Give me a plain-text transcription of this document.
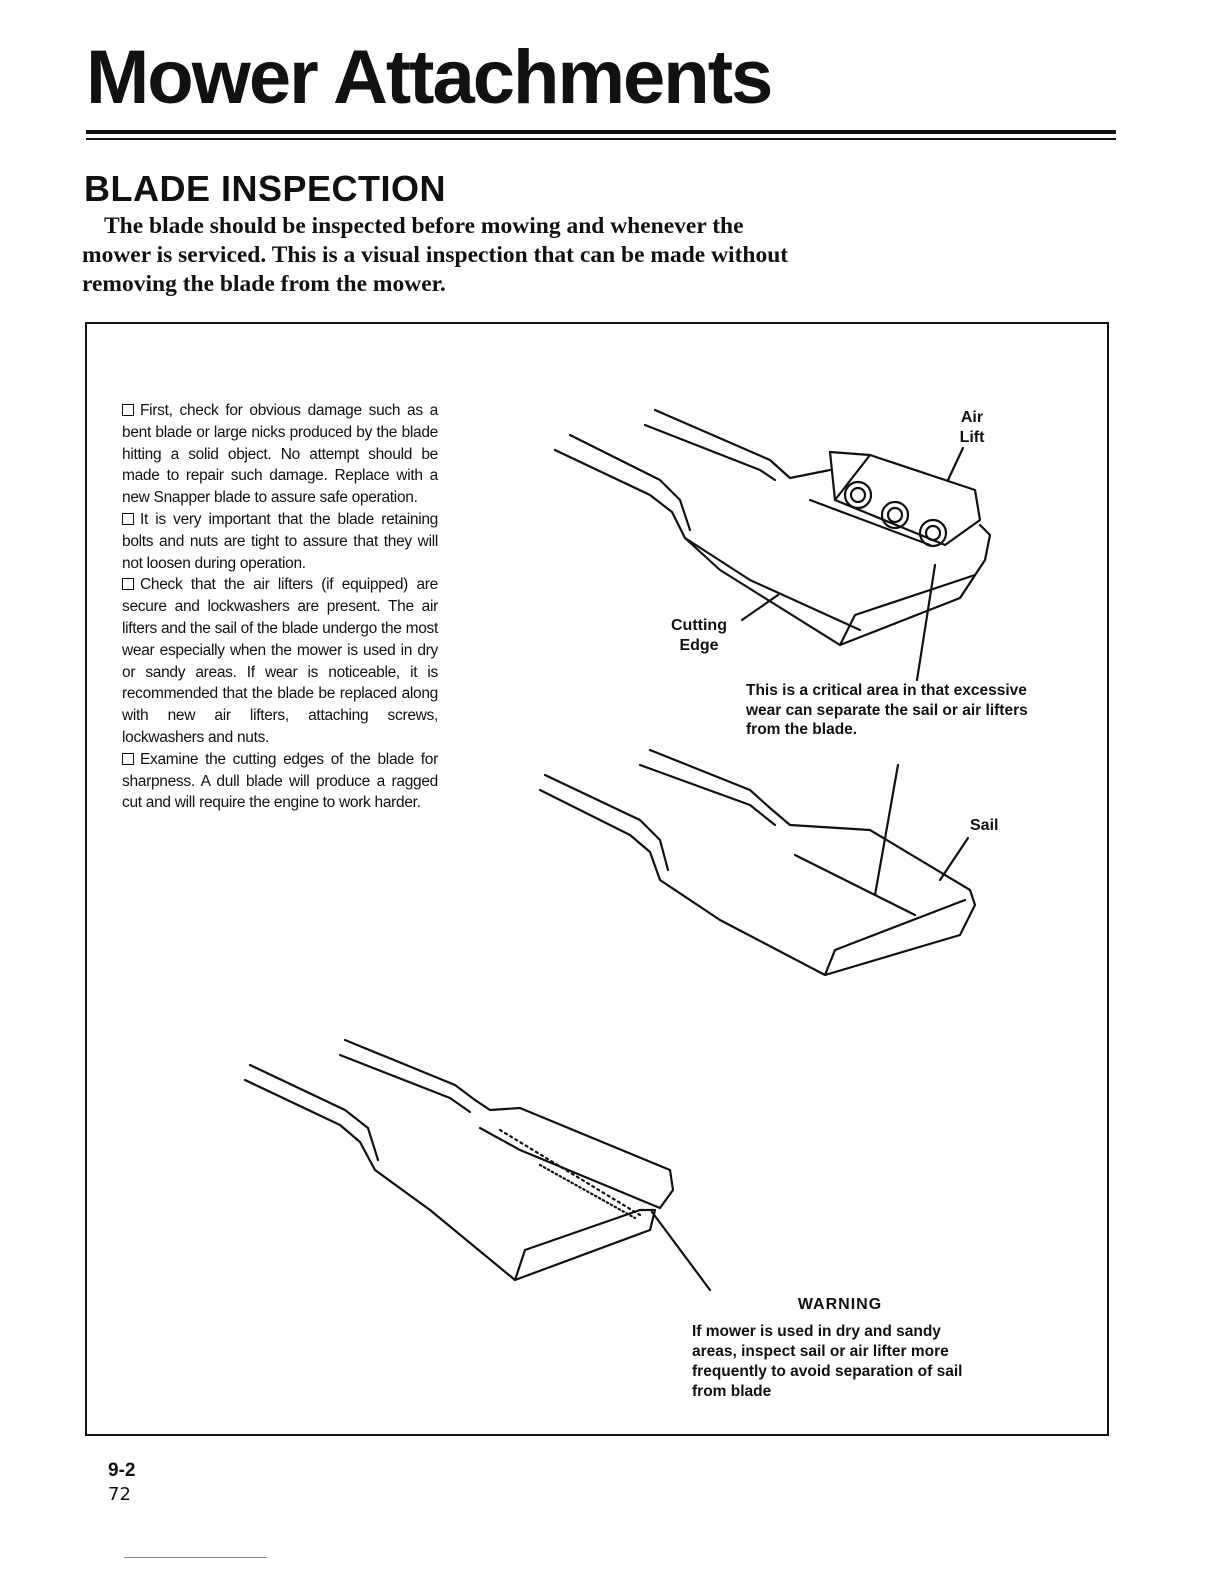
Mower Attachments
BLADE INSPECTION

The blade should be inspected before mowing and whenever the mower is serviced. This is a visual inspection that can be made without removing the blade from the mower.

First, check for obvious damage such as a bent blade or large nicks produced by the blade hitting a solid object. No attempt should be made to repair such damage. Replace with a new Snapper blade to assure safe operation.

It is very important that the blade retaining bolts and nuts are tight to assure that they will not loosen during operation.

Check that the air lifters (if equipped) are secure and lockwashers are present. The air lifters and the sail of the blade undergo the most wear especially when the mower is used in dry or sandy areas. If wear is noticeable, it is recommended that the blade be replaced along with new air lifters, attaching screws, lockwashers and nuts.

Examine the cutting edges of the blade for sharpness. A dull blade will produce a ragged cut and will require the engine to work harder.

Air
Lift
Cutting
Edge
This is a critical area in that excessive wear can separate the sail or air lifters from the blade.
Sail
WARNING
If mower is used in dry and sandy areas, inspect sail or air lifter more frequently to avoid separation of sail from blade
9-2
72
